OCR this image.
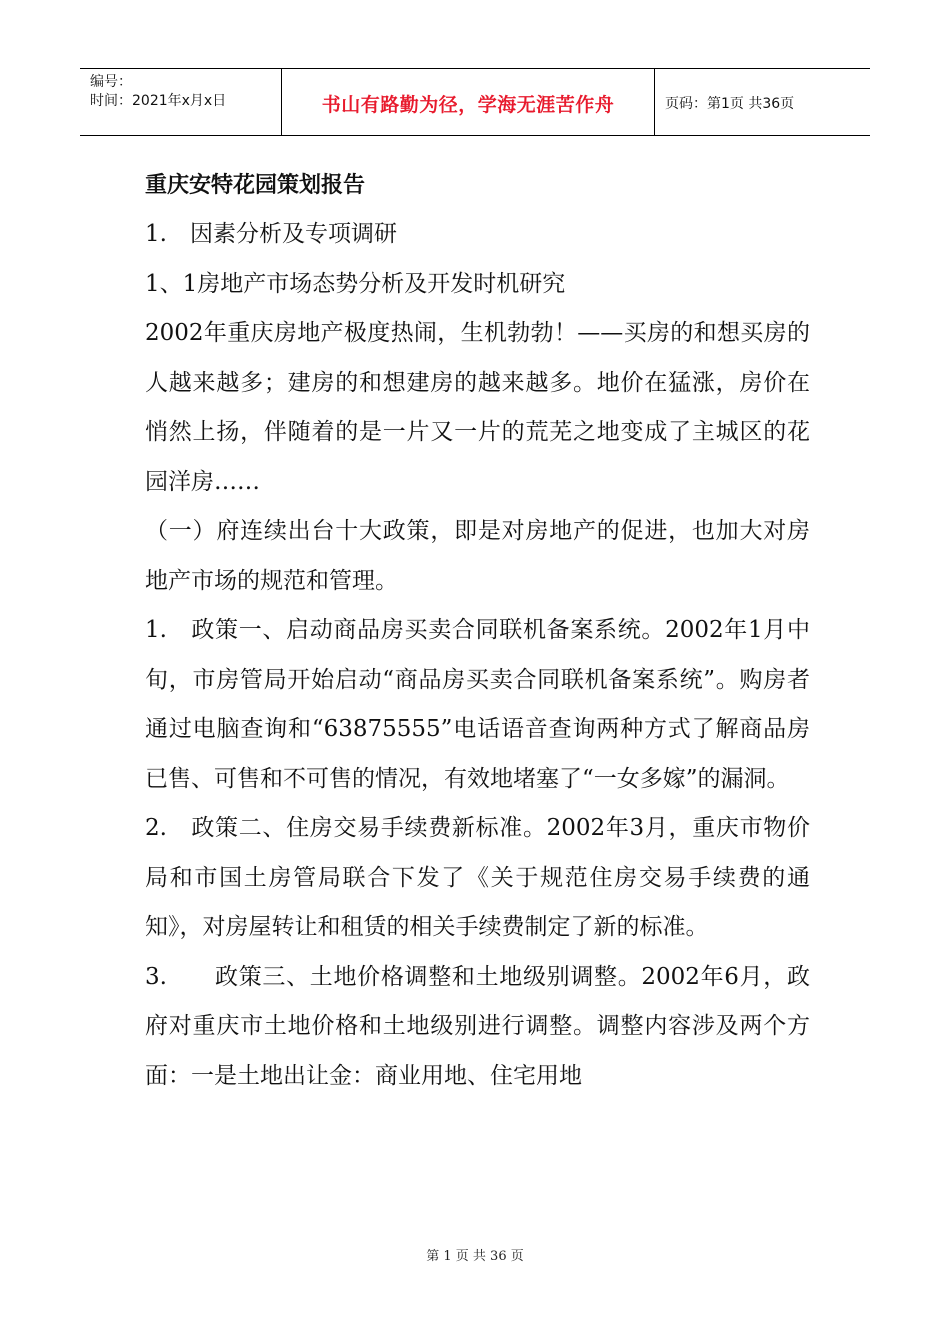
编号：
时间：2021年x月x日	书山有路勤为径，学海无涯苦作舟	页码：第1页 共36页
重庆安特花园策划报告

1.　因素分析及专项调研

1、1房地产市场态势分析及开发时机研究

2002年重庆房地产极度热闹，生机勃勃！——买房的和想买房的人越来越多；建房的和想建房的越来越多。地价在猛涨，房价在悄然上扬，伴随着的是一片又一片的荒芜之地变成了主城区的花园洋房……

（一）府连续出台十大政策，即是对房地产的促进，也加大对房地产市场的规范和管理。

1.　政策一、启动商品房买卖合同联机备案系统。2002年1月中旬，市房管局开始启动“商品房买卖合同联机备案系统”。购房者通过电脑查询和“63875555”电话语音查询两种方式了解商品房已售、可售和不可售的情况，有效地堵塞了“一女多嫁”的漏洞。

2.　政策二、住房交易手续费新标准。2002年3月，重庆市物价局和市国土房管局联合下发了《关于规范住房交易手续费的通知》，对房屋转让和租赁的相关手续费制定了新的标准。

3.　　政策三、土地价格调整和土地级别调整。2002年6月，政府对重庆市土地价格和土地级别进行调整。调整内容涉及两个方面：一是土地出让金：商业用地、住宅用地

第 1 页 共 36 页
